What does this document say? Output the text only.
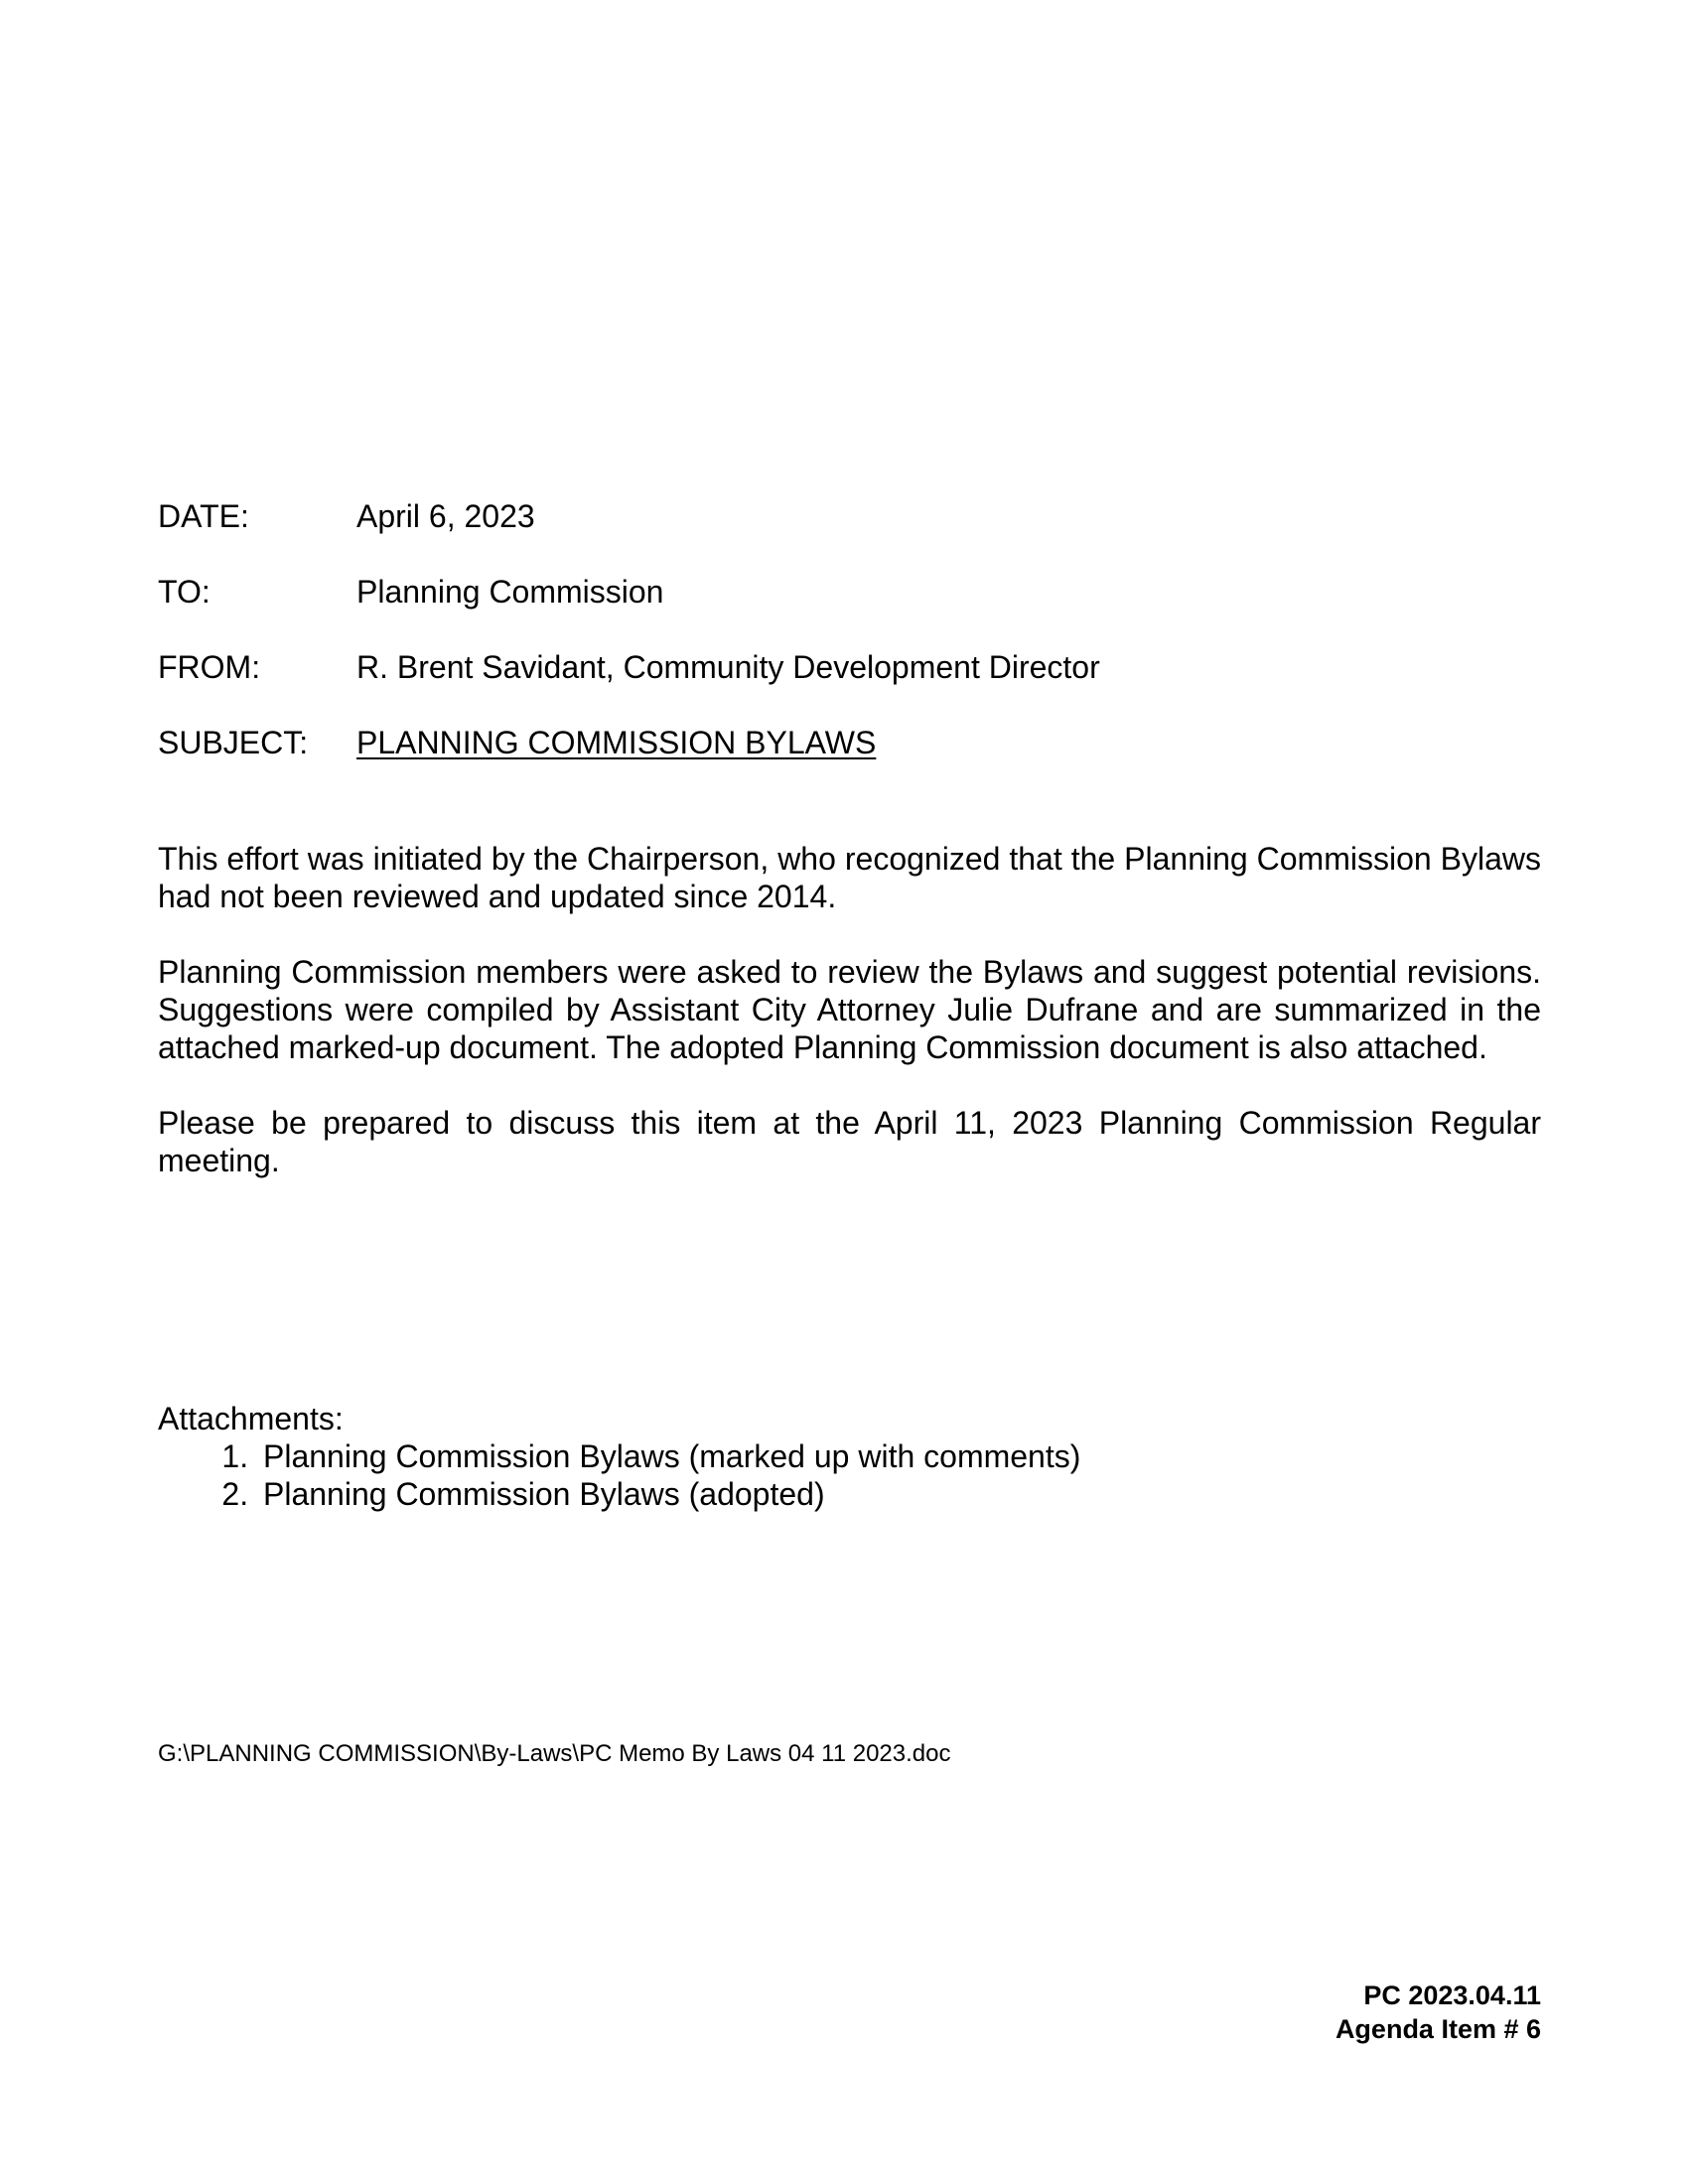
DATE:	April 6, 2023
TO:	Planning Commission
FROM:	R. Brent Savidant, Community Development Director
SUBJECT:	PLANNING COMMISSION BYLAWS

This effort was initiated by the Chairperson, who recognized that the Planning Commission Bylaws had not been reviewed and updated since 2014.

Planning Commission members were asked to review the Bylaws and suggest potential revisions. Suggestions were compiled by Assistant City Attorney Julie Dufrane and are summarized in the attached marked-up document. The adopted Planning Commission document is also attached.

Please be prepared to discuss this item at the April 11, 2023 Planning Commission Regular meeting.

Attachments:

1. Planning Commission Bylaws (marked up with comments)
2. Planning Commission Bylaws (adopted)
G:\PLANNING COMMISSION\By-Laws\PC Memo By Laws 04 11 2023.doc
PC 2023.04.11
Agenda Item # 6
